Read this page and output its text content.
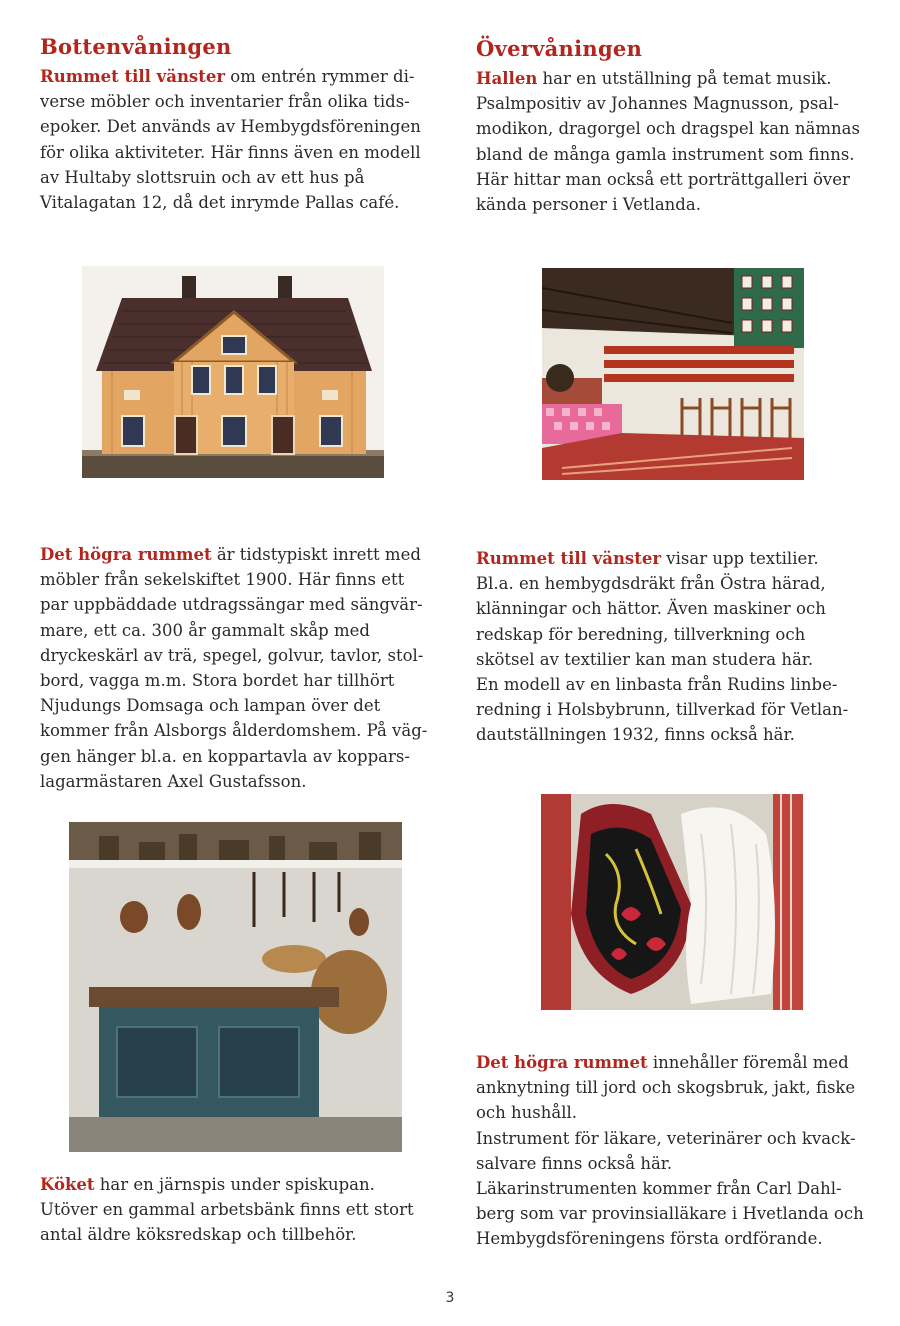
Bottenvåningen

Rummet till vänster om entrén rymmer di-
verse möbler och inventarier från olika tids-
epoker. Det används av Hembygdsföreningen
för olika aktiviteter. Här finns även en modell
av Hultaby slottsruin och av ett hus på
Vitalagatan 12, då det inrymde Pallas café.

Det högra rummet är tidstypiskt inrett med
möbler från sekelskiftet 1900. Här finns ett
par uppbäddade utdragssängar med sängvär-
mare, ett ca. 300 år gammalt skåp med
dryckeskärl av trä, spegel, golvur, tavlor, stol-
bord, vagga m.m. Stora bordet har tillhört
Njudungs Domsaga och lampan över det
kommer från Alsborgs ålderdomshem. På väg-
gen hänger bl.a. en koppartavla av koppars-
lagarmästaren Axel Gustafsson.

Köket har en järnspis under spiskupan.
Utöver en gammal arbetsbänk finns ett stort
antal äldre köksredskap och tillbehör.

Övervåningen

Hallen har en utställning på temat musik.
Psalmpositiv av Johannes Magnusson, psal-
modikon, dragorgel och dragspel kan nämnas
bland de många gamla instrument som finns.
Här hittar man också ett porträttgalleri över
kända personer i Vetlanda.

Rummet till vänster visar upp textilier.
Bl.a. en hembygdsdräkt från Östra härad,
klänningar och hättor. Även maskiner och
redskap för beredning, tillverkning och
skötsel av textilier kan man studera här.
En modell av en linbasta från Rudins linbe-
redning i Holsbybrunn, tillverkad för Vetlan-
dautställningen 1932, finns också här.

Det högra rummet innehåller föremål med
anknytning till jord och skogsbruk, jakt, fiske
och hushåll.
Instrument för läkare, veterinärer och kvack-
salvare finns också här.
Läkarinstrumenten kommer från Carl Dahl-
berg som var provinsialläkare i Hvetlanda och
Hembygdsföreningens första ordförande.

3
